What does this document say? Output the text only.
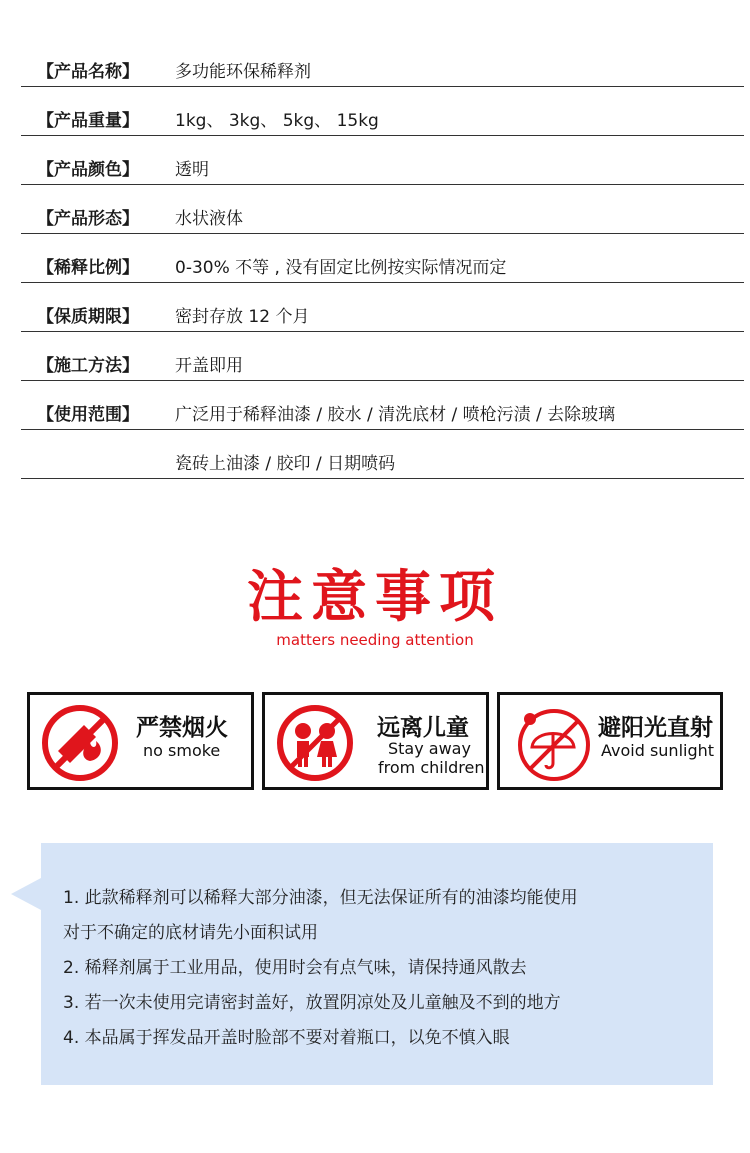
【产品名称】	多功能环保稀释剂
【产品重量】	1kg、 3kg、 5kg、 15kg
【产品颜色】	透明
【产品形态】	水状液体
【稀释比例】	0-30% 不等 , 没有固定比例按实际情况而定
【保质期限】	密封存放 12 个月
【施工方法】	开盖即用
【使用范围】	广泛用于稀释油漆 / 胶水 / 清洗底材 / 喷枪污渍 / 去除玻璃
瓷砖上油漆 / 胶印 / 日期喷码
注意事项
matters needing attention
严禁烟火
no smoke
远离儿童
Stay away
from children
避阳光直射
Avoid sunlight
1. 此款稀释剂可以稀释大部分油漆，但无法保证所有的油漆均能使用
对于不确定的底材请先小面积试用
2. 稀释剂属于工业用品，使用时会有点气味，请保持通风散去
3. 若一次未使用完请密封盖好，放置阴凉处及儿童触及不到的地方
4. 本品属于挥发品开盖时脸部不要对着瓶口，以免不慎入眼
